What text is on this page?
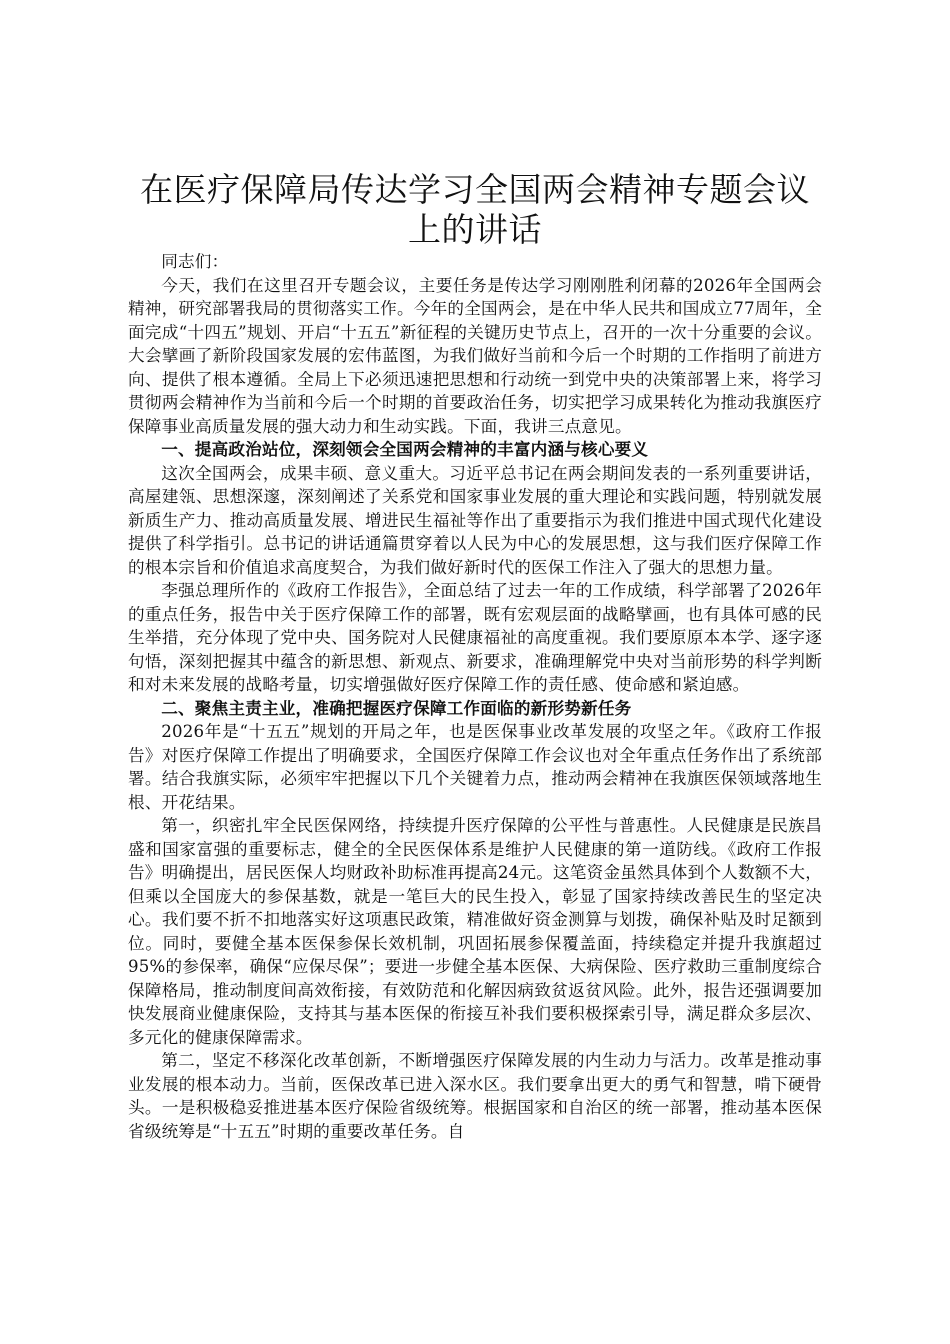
在医疗保障局传达学习全国两会精神专题会议
上的讲话

同志们：

今天，我们在这里召开专题会议，主要任务是传达学习刚刚胜利闭幕的2026年全国两会精神，研究部署我局的贯彻落实工作。今年的全国两会，是在中华人民共和国成立77周年，全面完成“十四五”规划、开启“十五五”新征程的关键历史节点上，召开的一次十分重要的会议。大会擘画了新阶段国家发展的宏伟蓝图，为我们做好当前和今后一个时期的工作指明了前进方向、提供了根本遵循。全局上下必须迅速把思想和行动统一到党中央的决策部署上来，将学习贯彻两会精神作为当前和今后一个时期的首要政治任务，切实把学习成果转化为推动我旗医疗保障事业高质量发展的强大动力和生动实践。下面，我讲三点意见。

一、提高政治站位，深刻领会全国两会精神的丰富内涵与核心要义

这次全国两会，成果丰硕、意义重大。习近平总书记在两会期间发表的一系列重要讲话，高屋建瓴、思想深邃，深刻阐述了关系党和国家事业发展的重大理论和实践问题，特别就发展新质生产力、推动高质量发展、增进民生福祉等作出了重要指示为我们推进中国式现代化建设提供了科学指引。总书记的讲话通篇贯穿着以人民为中心的发展思想，这与我们医疗保障工作的根本宗旨和价值追求高度契合，为我们做好新时代的医保工作注入了强大的思想力量。

李强总理所作的《政府工作报告》，全面总结了过去一年的工作成绩，科学部署了2026年的重点任务，报告中关于医疗保障工作的部署，既有宏观层面的战略擘画，也有具体可感的民生举措，充分体现了党中央、国务院对人民健康福祉的高度重视。我们要原原本本学、逐字逐句悟，深刻把握其中蕴含的新思想、新观点、新要求，准确理解党中央对当前形势的科学判断和对未来发展的战略考量，切实增强做好医疗保障工作的责任感、使命感和紧迫感。

二、聚焦主责主业，准确把握医疗保障工作面临的新形势新任务

2026年是“十五五”规划的开局之年，也是医保事业改革发展的攻坚之年。《政府工作报告》对医疗保障工作提出了明确要求，全国医疗保障工作会议也对全年重点任务作出了系统部署。结合我旗实际，必须牢牢把握以下几个关键着力点，推动两会精神在我旗医保领域落地生根、开花结果。

第一，织密扎牢全民医保网络，持续提升医疗保障的公平性与普惠性。人民健康是民族昌盛和国家富强的重要标志，健全的全民医保体系是维护人民健康的第一道防线。《政府工作报告》明确提出，居民医保人均财政补助标准再提高24元。这笔资金虽然具体到个人数额不大，但乘以全国庞大的参保基数，就是一笔巨大的民生投入，彰显了国家持续改善民生的坚定决心。我们要不折不扣地落实好这项惠民政策，精准做好资金测算与划拨，确保补贴及时足额到位。同时，要健全基本医保参保长效机制，巩固拓展参保覆盖面，持续稳定并提升我旗超过95%的参保率，确保“应保尽保”；要进一步健全基本医保、大病保险、医疗救助三重制度综合保障格局，推动制度间高效衔接，有效防范和化解因病致贫返贫风险。此外，报告还强调要加快发展商业健康保险，支持其与基本医保的衔接互补我们要积极探索引导，满足群众多层次、多元化的健康保障需求。

第二，坚定不移深化改革创新，不断增强医疗保障发展的内生动力与活力。改革是推动事业发展的根本动力。当前，医保改革已进入深水区。我们要拿出更大的勇气和智慧，啃下硬骨头。一是积极稳妥推进基本医疗保险省级统筹。根据国家和自治区的统一部署，推动基本医保省级统筹是“十五五”时期的重要改革任务。自
